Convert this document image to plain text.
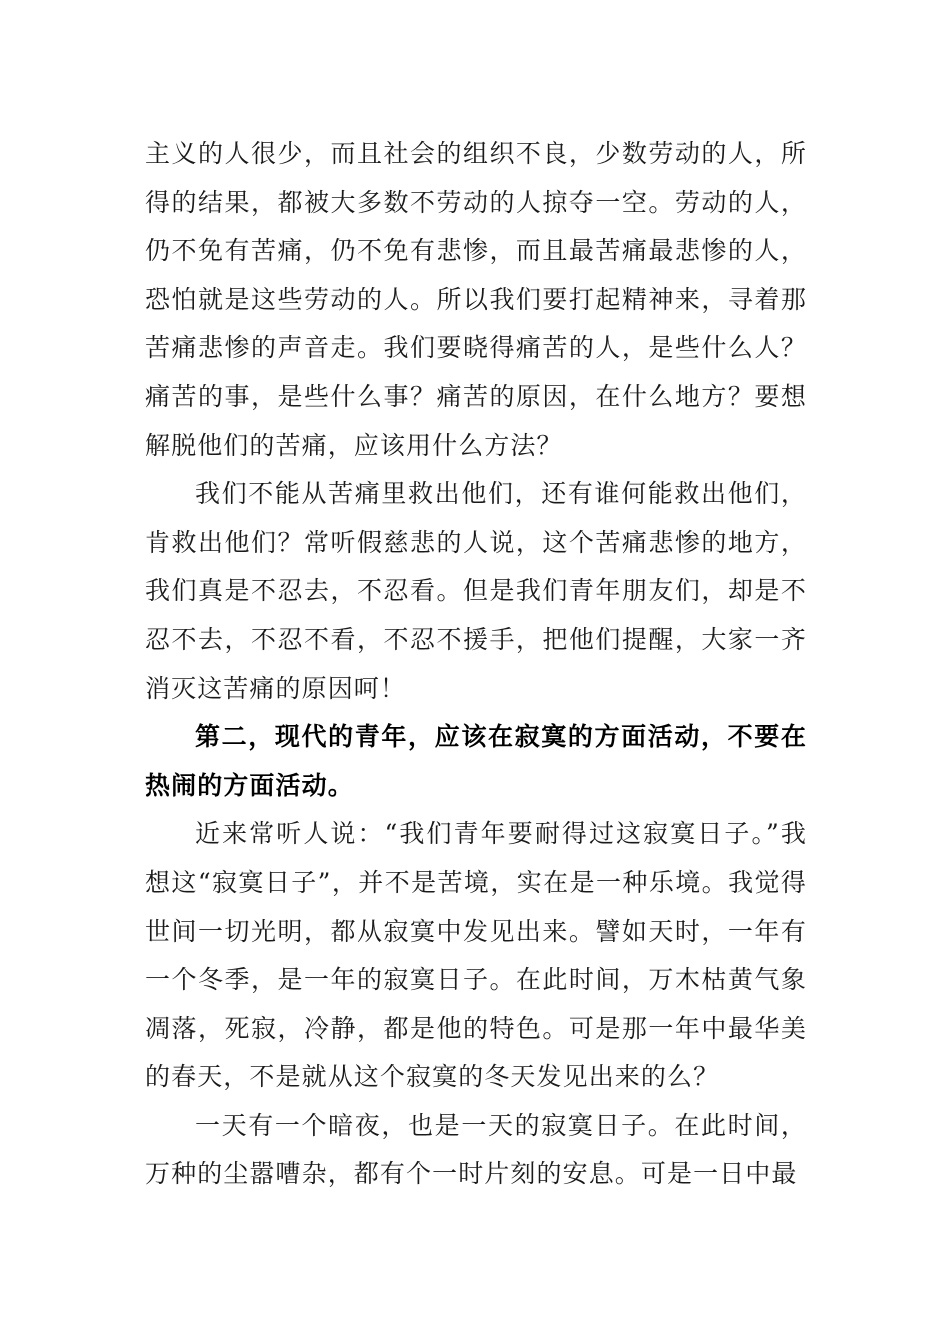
主义的人很少，而且社会的组织不良，少数劳动的人，所得的结果，都被大多数不劳动的人掠夺一空。劳动的人，仍不免有苦痛，仍不免有悲惨，而且最苦痛最悲惨的人，恐怕就是这些劳动的人。所以我们要打起精神来，寻着那苦痛悲惨的声音走。我们要晓得痛苦的人，是些什么人？痛苦的事，是些什么事？痛苦的原因，在什么地方？要想解脱他们的苦痛，应该用什么方法？

我们不能从苦痛里救出他们，还有谁何能救出他们，肯救出他们？常听假慈悲的人说，这个苦痛悲惨的地方，我们真是不忍去，不忍看。但是我们青年朋友们，却是不忍不去，不忍不看，不忍不援手，把他们提醒，大家一齐消灭这苦痛的原因呵！

第二，现代的青年，应该在寂寞的方面活动，不要在热闹的方面活动。

近来常听人说：“我们青年要耐得过这寂寞日子。”我想这“寂寞日子”，并不是苦境，实在是一种乐境。我觉得世间一切光明，都从寂寞中发见出来。譬如天时，一年有一个冬季，是一年的寂寞日子。在此时间，万木枯黄气象凋落，死寂，冷静，都是他的特色。可是那一年中最华美的春天，不是就从这个寂寞的冬天发见出来的么？

一天有一个暗夜，也是一天的寂寞日子。在此时间，万种的尘嚣嘈杂，都有个一时片刻的安息。可是一日中最
